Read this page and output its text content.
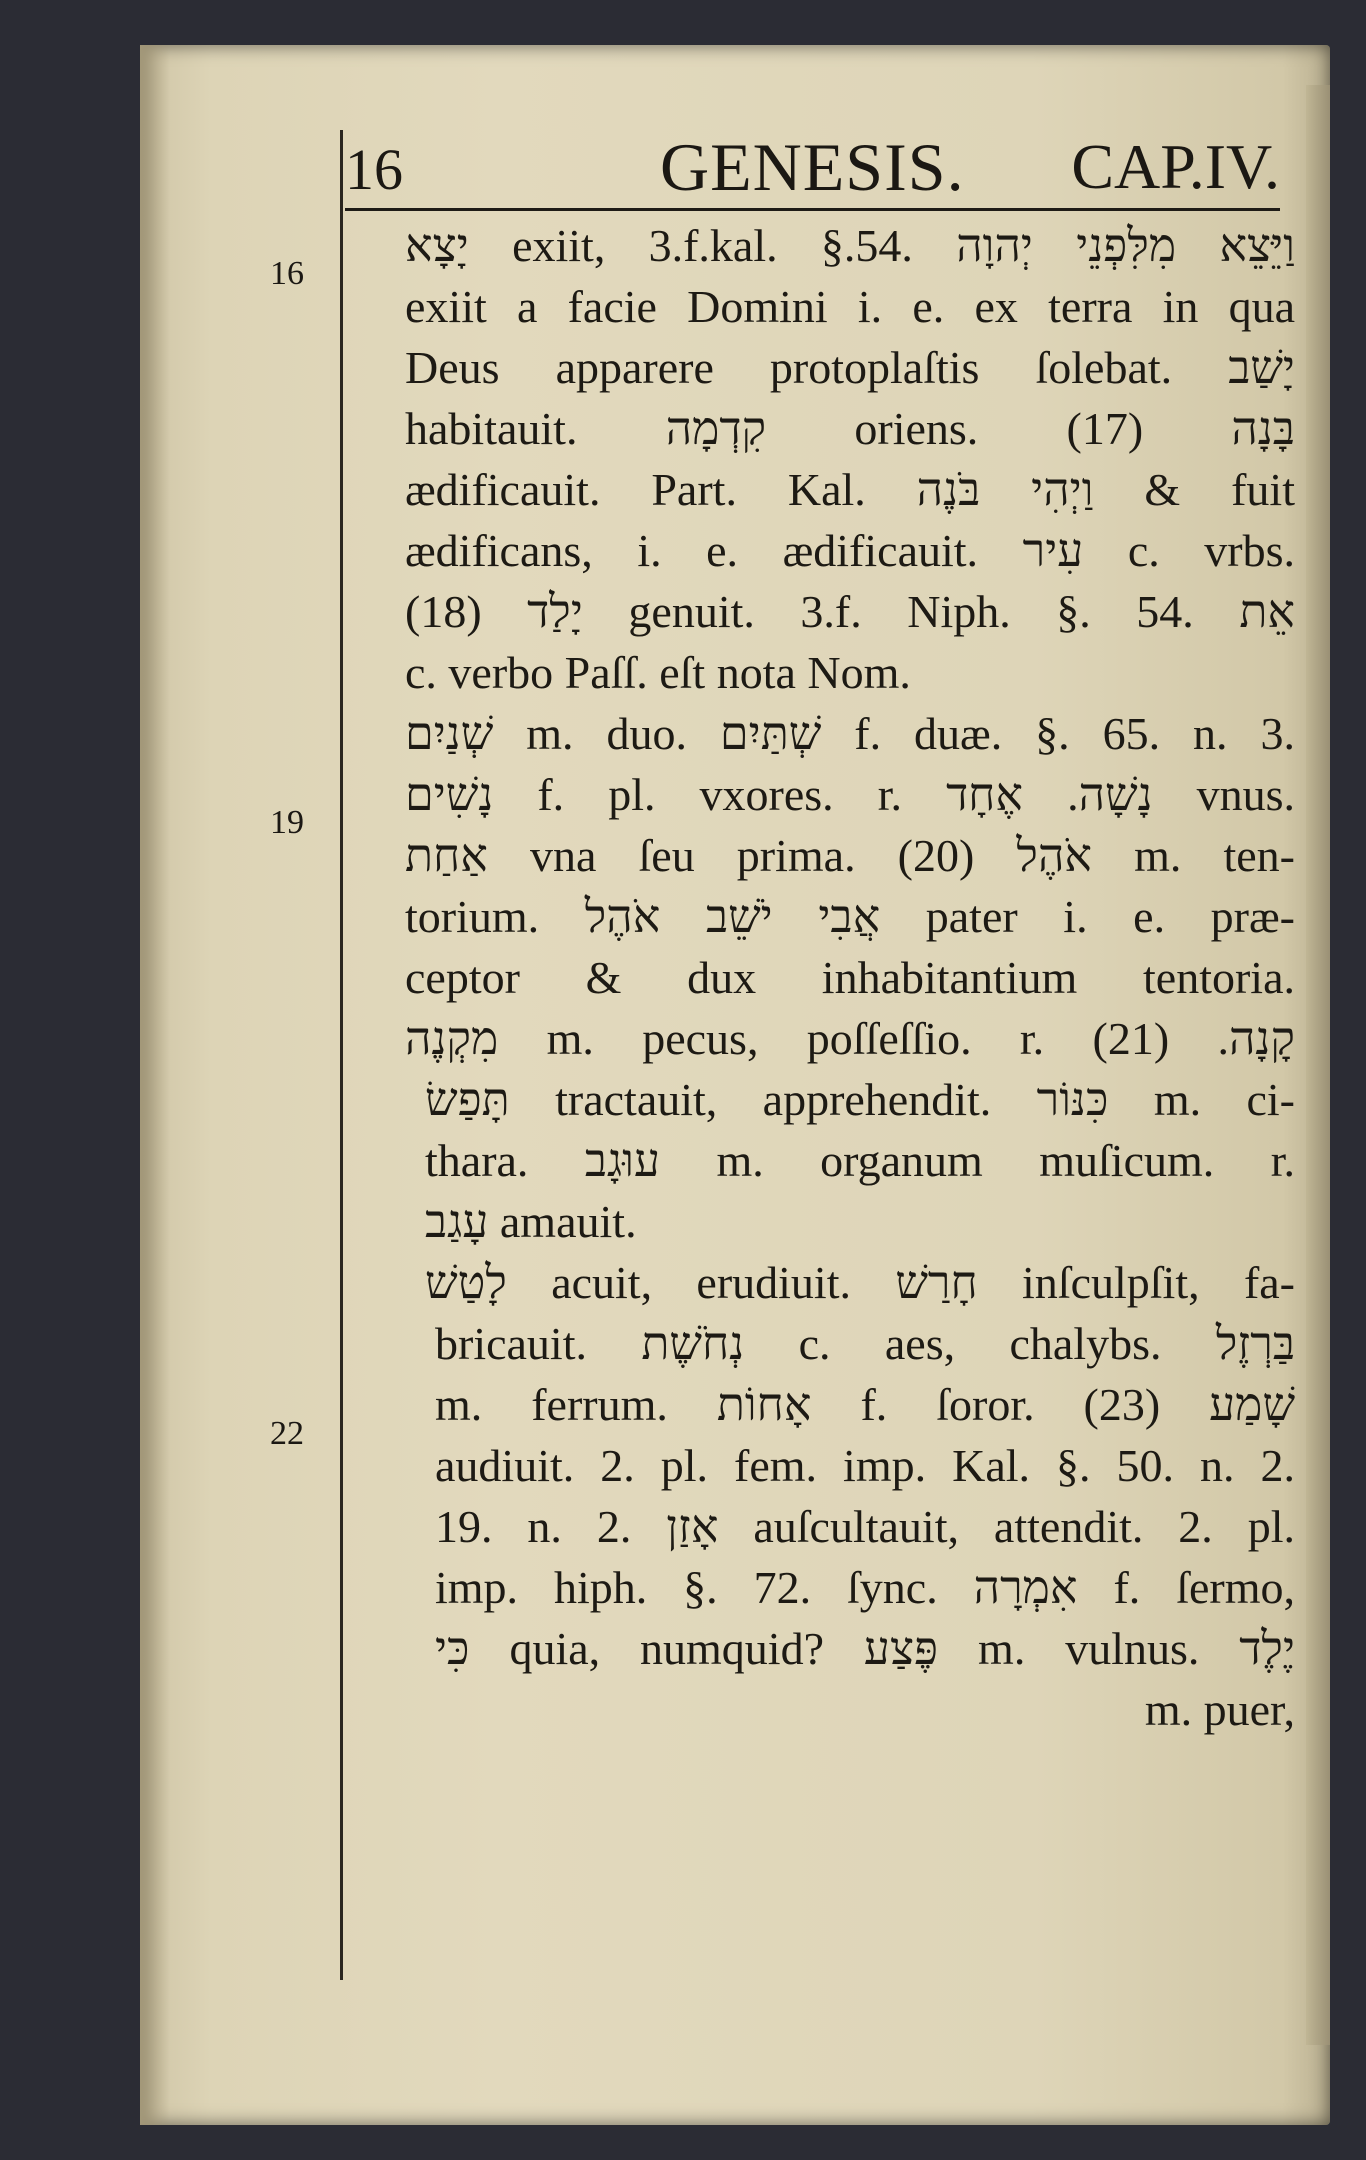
16	GENESIS. CAP.IV.
16
19
22
יָצָא exiit, 3.f.kal. §.54. וַיֵּצֵא מִלִּפְנֵי יְהוָה
exiit a facie Domini i. e. ex terra in qua
Deus apparere protoplaſtis ſolebat. יָשַׁב
habitauit. קִדְמָה oriens. (17) בָּנָה
ædificauit. Part. Kal. וַיְהִי בֹּנֶה & fuit
ædificans, i. e. ædificauit. עִיר c. vrbs.
(18) יָלַד genuit. 3.f. Niph. §. 54. אֵת
c. verbo Paſſ. eſt nota Nom.
שְׁנַיִם m. duo. שְׁתַּיִם f. duæ. §. 65. n. 3.
נָשִׁים f. pl. vxores. r. נָשָׁה. אֶחָד vnus.
אַחַת vna ſeu prima. (20) אֹהֶל m. ten-
torium. אֲבִי יֹשֵׁב אֹהֶל pater i. e. præ-
ceptor & dux inhabitantium tentoria.
מִקְנֶה m. pecus, poſſeſſio. r. קָנָה. (21)
תָּפַשׂ tractauit, apprehendit. כִּנּוֹר m. ci-
thara. עוּגָב m. organum muſicum. r.
עָגַב amauit.
לָטַשׁ acuit, erudiuit. חָרַשׁ inſculpſit, fa-
bricauit. נְחֹשֶׁת c. aes, chalybs. בַּרְזֶל
m. ferrum. אָחוֹת f. ſoror. (23) שָׁמַע
audiuit. 2. pl. fem. imp. Kal. §. 50. n. 2.
19. n. 2. אָזַן auſcultauit, attendit. 2. pl.
imp. hiph. §. 72. ſync. אִמְרָה f. ſermo,
כִּי quia, numquid? פֶּצַע m. vulnus. יֶלֶד
m. puer,
